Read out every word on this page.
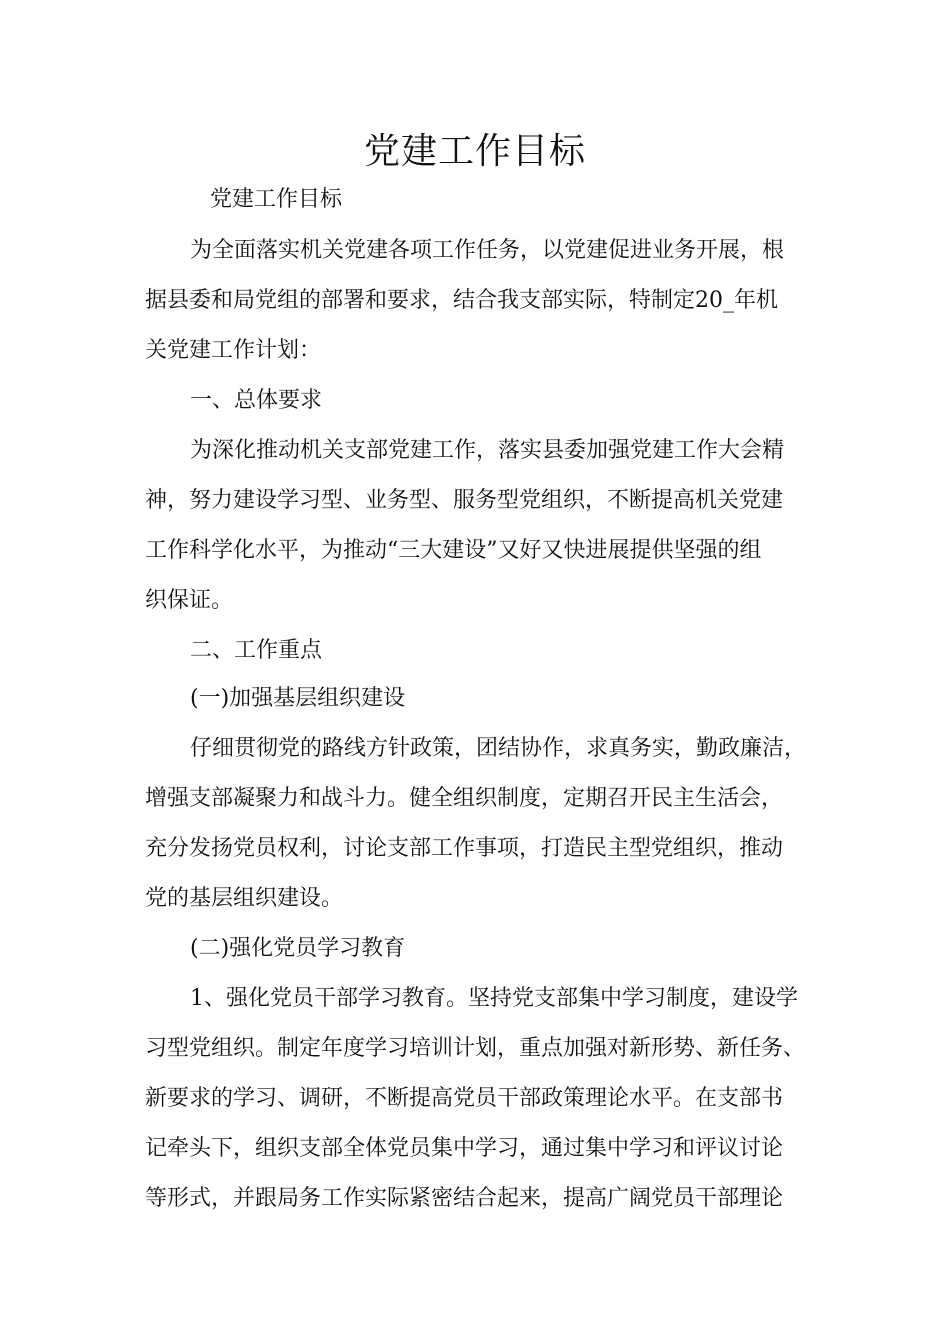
党建工作目标

党建工作目标

为全面落实机关党建各项工作任务，以党建促进业务开展，根

据县委和局党组的部署和要求，结合我支部实际，特制定20_年机

关党建工作计划：

一、总体要求

为深化推动机关支部党建工作，落实县委加强党建工作大会精

神，努力建设学习型、业务型、服务型党组织，不断提高机关党建

工作科学化水平，为推动“三大建设”又好又快进展提供坚强的组

织保证。

二、工作重点

(一)加强基层组织建设

仔细贯彻党的路线方针政策，团结协作，求真务实，勤政廉洁，

增强支部凝聚力和战斗力。健全组织制度，定期召开民主生活会，

充分发扬党员权利，讨论支部工作事项，打造民主型党组织，推动

党的基层组织建设。

(二)强化党员学习教育

1、强化党员干部学习教育。坚持党支部集中学习制度，建设学

习型党组织。制定年度学习培训计划，重点加强对新形势、新任务、

新要求的学习、调研，不断提高党员干部政策理论水平。在支部书

记牵头下，组织支部全体党员集中学习，通过集中学习和评议讨论

等形式，并跟局务工作实际紧密结合起来，提高广阔党员干部理论
